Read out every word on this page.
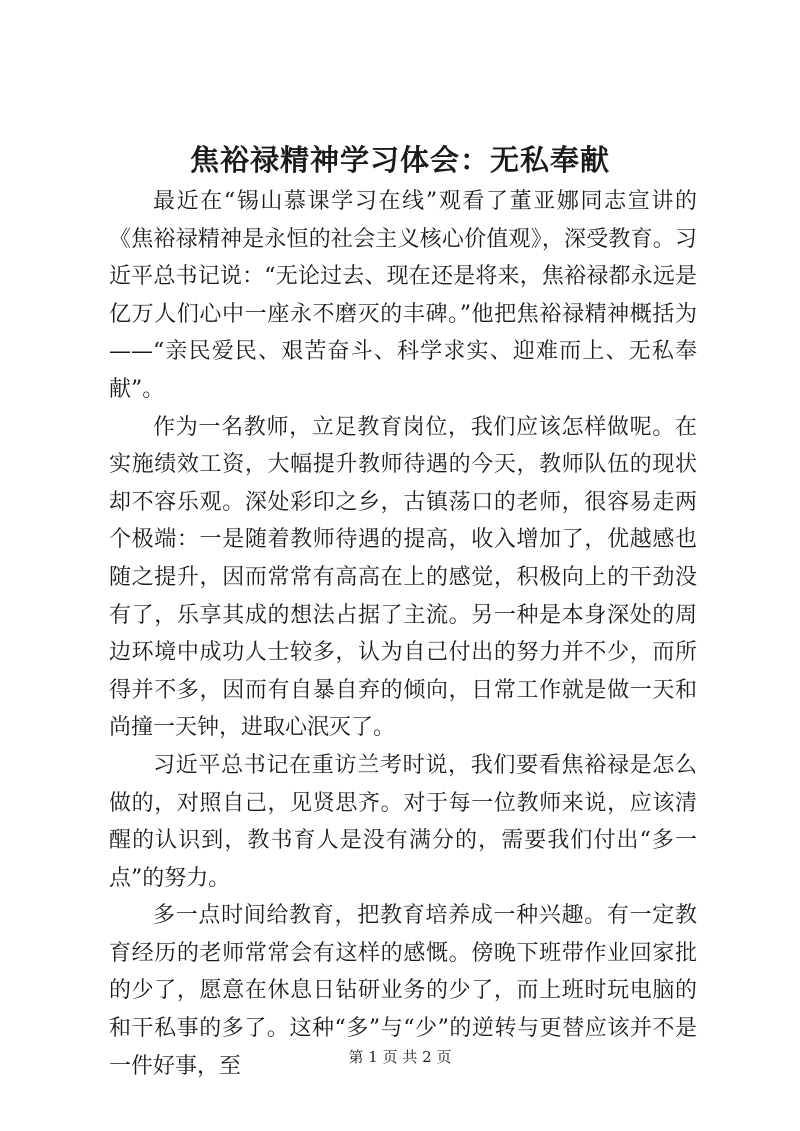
焦裕禄精神学习体会：无私奉献

最近在“锡山慕课学习在线”观看了董亚娜同志宣讲的《焦裕禄精神是永恒的社会主义核心价值观》，深受教育。习近平总书记说：“无论过去、现在还是将来，焦裕禄都永远是亿万人们心中一座永不磨灭的丰碑。”他把焦裕禄精神概括为——“亲民爱民、艰苦奋斗、科学求实、迎难而上、无私奉献”。

作为一名教师，立足教育岗位，我们应该怎样做呢。在实施绩效工资，大幅提升教师待遇的今天，教师队伍的现状却不容乐观。深处彩印之乡，古镇荡口的老师，很容易走两个极端：一是随着教师待遇的提高，收入增加了，优越感也随之提升，因而常常有高高在上的感觉，积极向上的干劲没有了，乐享其成的想法占据了主流。另一种是本身深处的周边环境中成功人士较多，认为自己付出的努力并不少，而所得并不多，因而有自暴自弃的倾向，日常工作就是做一天和尚撞一天钟，进取心泯灭了。

习近平总书记在重访兰考时说，我们要看焦裕禄是怎么做的，对照自己，见贤思齐。对于每一位教师来说，应该清醒的认识到，教书育人是没有满分的，需要我们付出“多一点”的努力。

多一点时间给教育，把教育培养成一种兴趣。有一定教育经历的老师常常会有这样的感慨。傍晚下班带作业回家批的少了，愿意在休息日钻研业务的少了，而上班时玩电脑的和干私事的多了。这种“多”与“少”的逆转与更替应该并不是一件好事，至	第 1 页 共 2 页
